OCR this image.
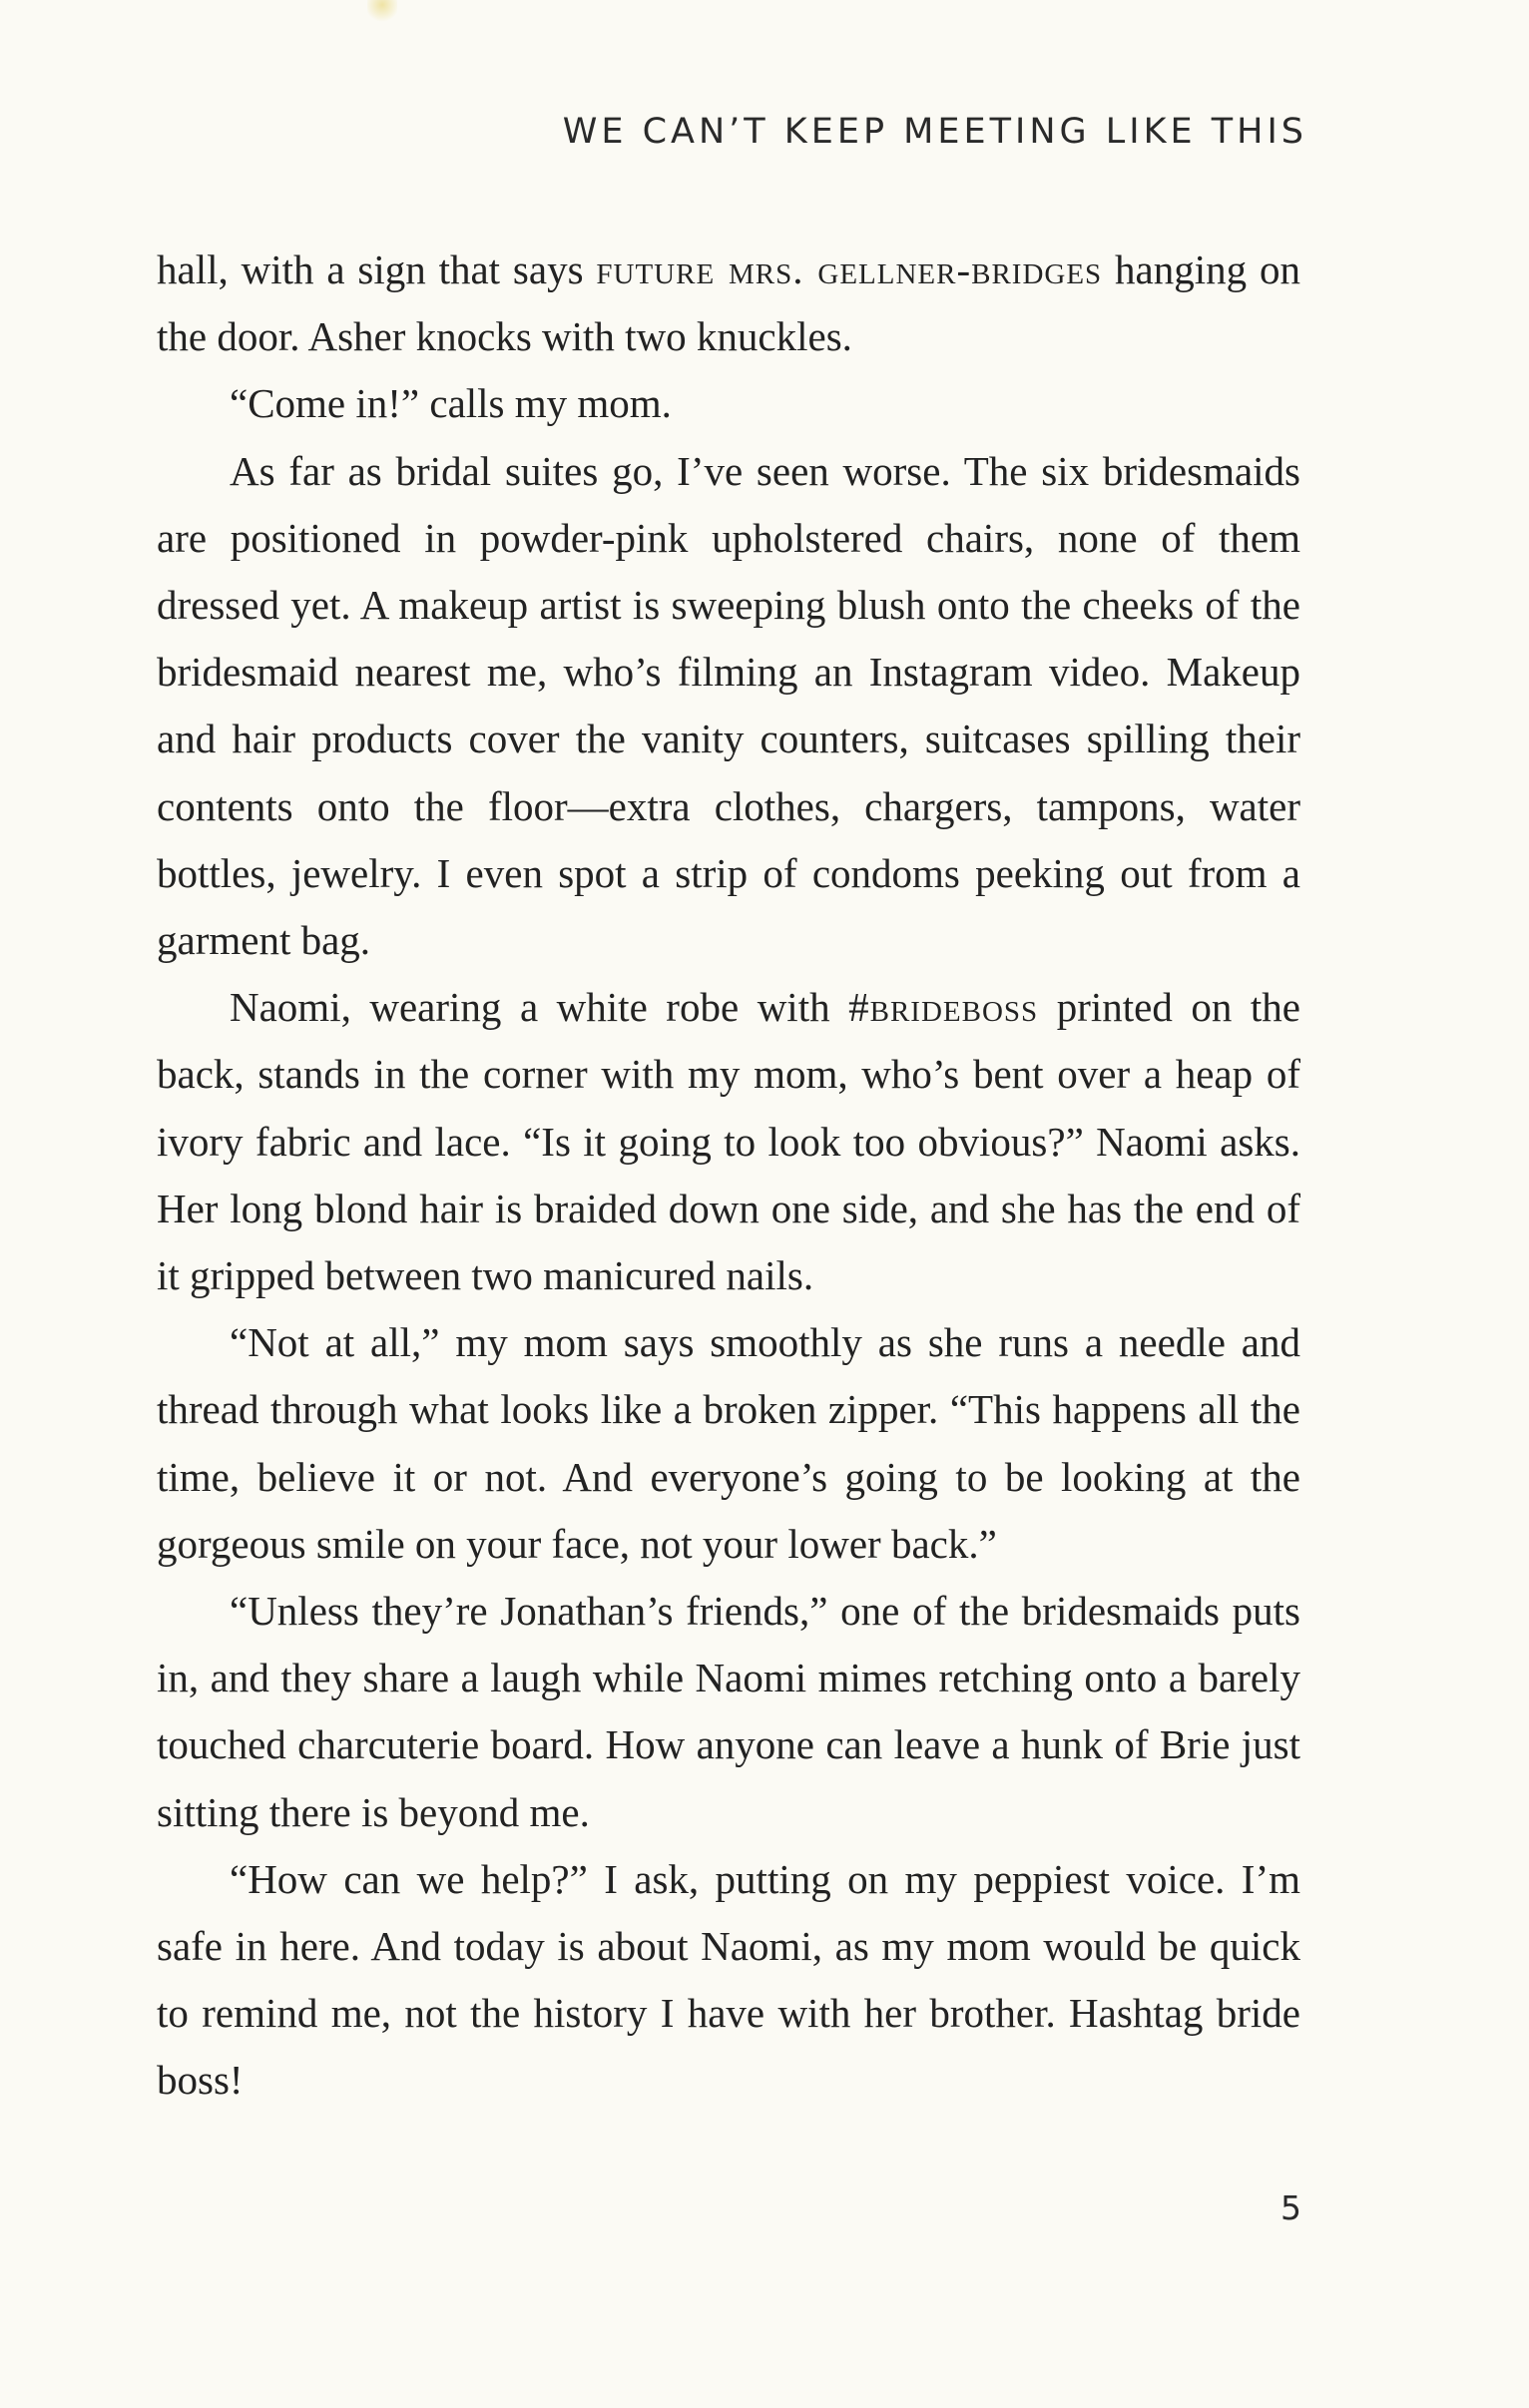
WE CAN’T KEEP MEETING LIKE THIS

hall, with a sign that says future mrs. gellner-bridges hanging on the door. Asher knocks with two knuckles.

“Come in!” calls my mom.

As far as bridal suites go, I’ve seen worse. The six bridesmaids are positioned in powder-pink upholstered chairs, none of them dressed yet. A makeup artist is sweeping blush onto the cheeks of the bridesmaid nearest me, who’s filming an Instagram video. Makeup and hair products cover the vanity counters, suitcases spilling their contents onto the floor—extra clothes, chargers, tampons, water bottles, jewelry. I even spot a strip of condoms peeking out from a garment bag.

Naomi, wearing a white robe with #brideboss printed on the back, stands in the corner with my mom, who’s bent over a heap of ivory fabric and lace. “Is it going to look too obvious?” Naomi asks. Her long blond hair is braided down one side, and she has the end of it gripped between two manicured nails.

“Not at all,” my mom says smoothly as she runs a needle and thread through what looks like a broken zipper. “This happens all the time, believe it or not. And everyone’s going to be looking at the gorgeous smile on your face, not your lower back.”

“Unless they’re Jonathan’s friends,” one of the bridesmaids puts in, and they share a laugh while Naomi mimes retching onto a barely touched charcuterie board. How anyone can leave a hunk of Brie just sitting there is beyond me.

“How can we help?” I ask, putting on my peppiest voice. I’m safe in here. And today is about Naomi, as my mom would be quick to remind me, not the history I have with her brother. Hashtag bride boss!

5
